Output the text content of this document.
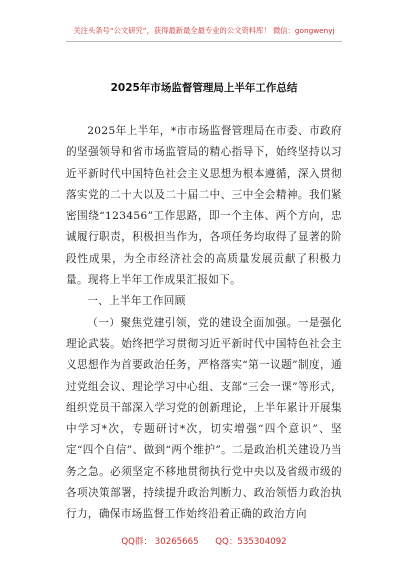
关注头条号“公文研究”，获得最新最全最专业的公文资料库！ 微信：gongwenyj
2025年市场监督管理局上半年工作总结

2025年上半年，*市市场监督管理局在市委、市政府的坚强领导和省市场监管局的精心指导下，始终坚持以习近平新时代中国特色社会主义思想为根本遵循，深入贯彻落实党的二十大以及二十届二中、三中全会精神。我们紧密围绕“123456”工作思路，即一个主体、两个方向，忠诚履行职责，积极担当作为，各项任务均取得了显著的阶段性成果，为全市经济社会的高质量发展贡献了积极力量。现将上半年工作成果汇报如下。

一、上半年工作回顾

（一）聚焦党建引领，党的建设全面加强。一是强化理论武装。始终把学习贯彻习近平新时代中国特色社会主义思想作为首要政治任务，严格落实“第一议题”制度，通过党组会议、理论学习中心组、支部“三会一课”等形式，组织党员干部深入学习党的创新理论，上半年累计开展集中学习*次，专题研讨*次，切实增强“四个意识”、坚定“四个自信”、做到“两个维护”。二是政治机关建设乃当务之急。必须坚定不移地贯彻执行党中央以及省级市级的各项决策部署，持续提升政治判断力、政治领悟力政治执行力，确保市场监督工作始终沿着正确的政治方向

QQ群： 30265665 QQ：535304092
